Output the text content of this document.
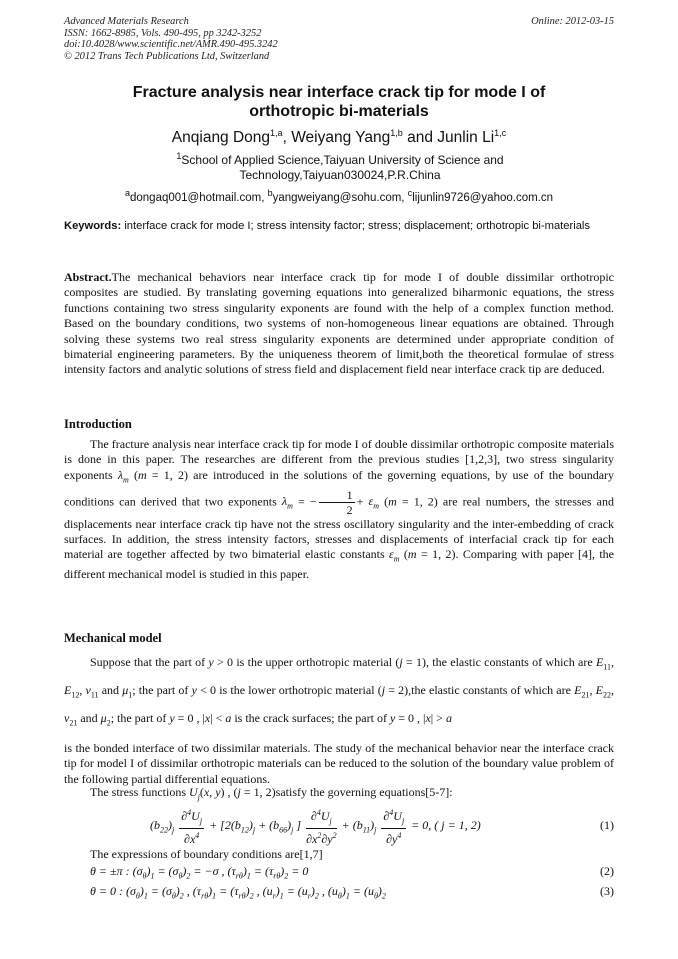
Advanced Materials Research
ISSN: 1662-8985, Vols. 490-495, pp 3242-3252
doi:10.4028/www.scientific.net/AMR.490-495.3242
© 2012 Trans Tech Publications Ltd, Switzerland
Online: 2012-03-15
Fracture analysis near interface crack tip for mode I of
orthotropic bi-materials
Anqiang Dong$^{1,a}$, Weiyang Yang$^{1,b}$ and Junlin Li$^{1,c}$
$^1$School of Applied Science,Taiyuan University of Science and
Technology,Taiyuan030024,P.R.China
$^a$dongaq001@hotmail.com, $^b$yangweiyang@sohu.com, $^c$lijunlin9726@yahoo.com.cn
Keywords: interface crack for mode I; stress intensity factor; stress; displacement; orthotropic bi-materials
Abstract.The mechanical behaviors near interface crack tip for mode I of double dissimilar orthotropic composites are studied. By translating governing equations into generalized biharmonic equations, the stress functions containing two stress singularity exponents are found with the help of a complex function method. Based on the boundary conditions, two systems of non-homogeneous linear equations are obtained. Through solving these systems two real stress singularity exponents are determined under appropriate condition of bimaterial engineering parameters. By the uniqueness theorem of limit,both the theoretical formulae of stress intensity factors and analytic solutions of stress field and displacement field near interface crack tip are deduced.
Introduction
The fracture analysis near interface crack tip for mode I of double dissimilar orthotropic composite materials is done in this paper. The researches are different from the previous studies [1,2,3], two stress singularity exponents $\lambda_m$ (m = 1, 2) are introduced in the solutions of the governing equations, by use of the boundary conditions can derived that two exponents $\lambda_m$ = − $\frac{1}{2} + \varepsilon_m$ (m = 1, 2) are real numbers, the stresses and displacements near interface crack tip have not the stress oscillatory singularity and the inter-embedding of crack surfaces. In addition, the stress intensity factors, stresses and displacements of interfacial crack tip for each material are together affected by two bimaterial elastic constants $\varepsilon_m$ (m = 1, 2). Comparing with paper [4], the different mechanical model is studied in this paper.
Mechanical model
Suppose that the part of y > 0 is the upper orthotropic material (j = 1), the elastic constants of which are $E_{11}$, $E_{12}$, $\nu_{11}$ and $\mu_1$; the part of y < 0 is the lower orthotropic material (j = 2),the elastic constants of which are $E_{21}$, $E_{22}$, $\nu_{21}$ and $\mu_2$; the part of y = 0 , |x| < a is the crack surfaces; the part of y = 0 , |x| > a
is the bonded interface of two dissimilar materials. The study of the mechanical behavior near the interface crack tip for model I of dissimilar orthotropic materials can be reduced to the solution of the boundary value problem of the following partial differential equations.
The stress functions $U_j(x$, y) , (j = 1, 2)satisfy the governing equations[5-7]:
$(b_{22})_j \frac{\partial^4U_j}{\partial x^4} + [2(b_{12})_j + (b_{66})_j$ ] $\frac{\partial^4U_j}{\partial x^2\partial y^2} + (b_{11})_j \frac{\partial^4U_j}{\partial y^4} = 0$, ( j = 1, 2)	(1)
The expressions of boundary conditions are[1,7]
θ = ±π : $(\sigma_\theta)_1 = (\sigma_\theta)_2 = -\sigma$ , $(\tau_{r\theta})_1 = (\tau_{r\theta})_2 = 0$	(2)
θ = 0 : $(\sigma_\theta)_1 = (\sigma_\theta)_2$ , $(\tau_{r\theta})_1 = (\tau_{r\theta})_2$ , $(u_r)_1 = (u_r)_2$ , $(u_\theta)_1 = (u_\theta)_2$	(3)
